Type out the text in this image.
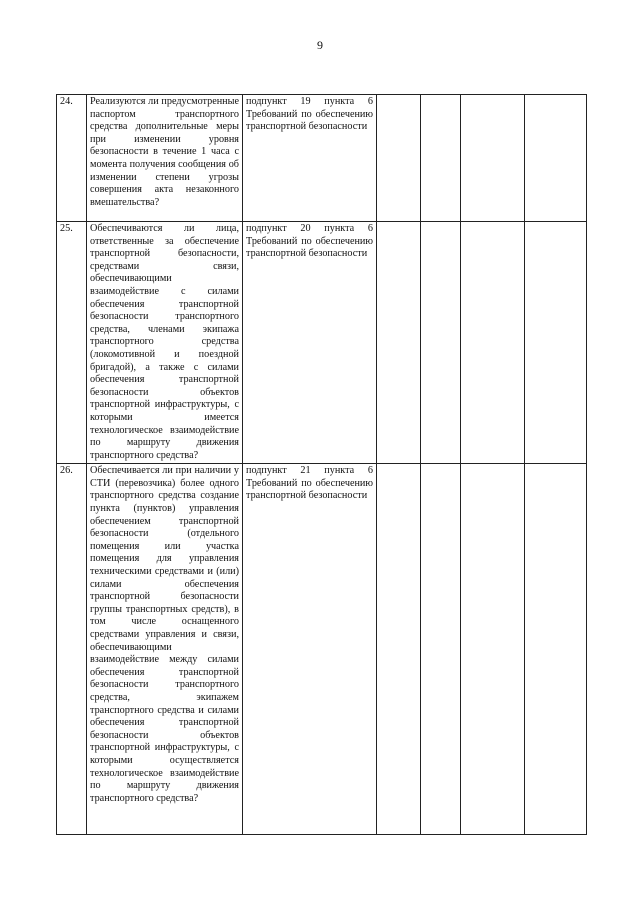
9
24.	Реализуются ли предусмотренные паспортом транспортного средства дополнительные меры при изменении уровня безопасности в течение 1 часа с момента получения сообщения об изменении степени угрозы совершения акта незаконного вмешательства?	подпункт 19 пункта 6 Требований по обеспечению транспортной безопасности				
25.	Обеспечиваются ли лица, ответственные за обеспечение транспортной безопасности, средствами связи, обеспечивающими взаимодействие с силами обеспечения транспортной безопасности транспортного средства, членами экипажа транспортного средства (локомотивной и поездной бригадой), а также с силами обеспечения транспортной безопасности объектов транспортной инфраструктуры, с которыми имеется технологическое взаимодействие по маршруту движения транспортного средства?	подпункт 20 пункта 6 Требований по обеспечению транспортной безопасности				
26.	Обеспечивается ли при наличии у СТИ (перевозчика) более одного транспортного средства создание пункта (пунктов) управления обеспечением транспортной безопасности (отдельного помещения или участка помещения для управления техническими средствами и (или) силами обеспечения транспортной безопасности группы транспортных средств), в том числе оснащенного средствами управления и связи, обеспечивающими взаимодействие между силами обеспечения транспортной безопасности транспортного средства, экипажем транспортного средства и силами обеспечения транспортной безопасности объектов транспортной инфраструктуры, с которыми осуществляется технологическое взаимодействие по маршруту движения транспортного средства?	подпункт 21 пункта 6 Требований по обеспечению транспортной безопасности				
